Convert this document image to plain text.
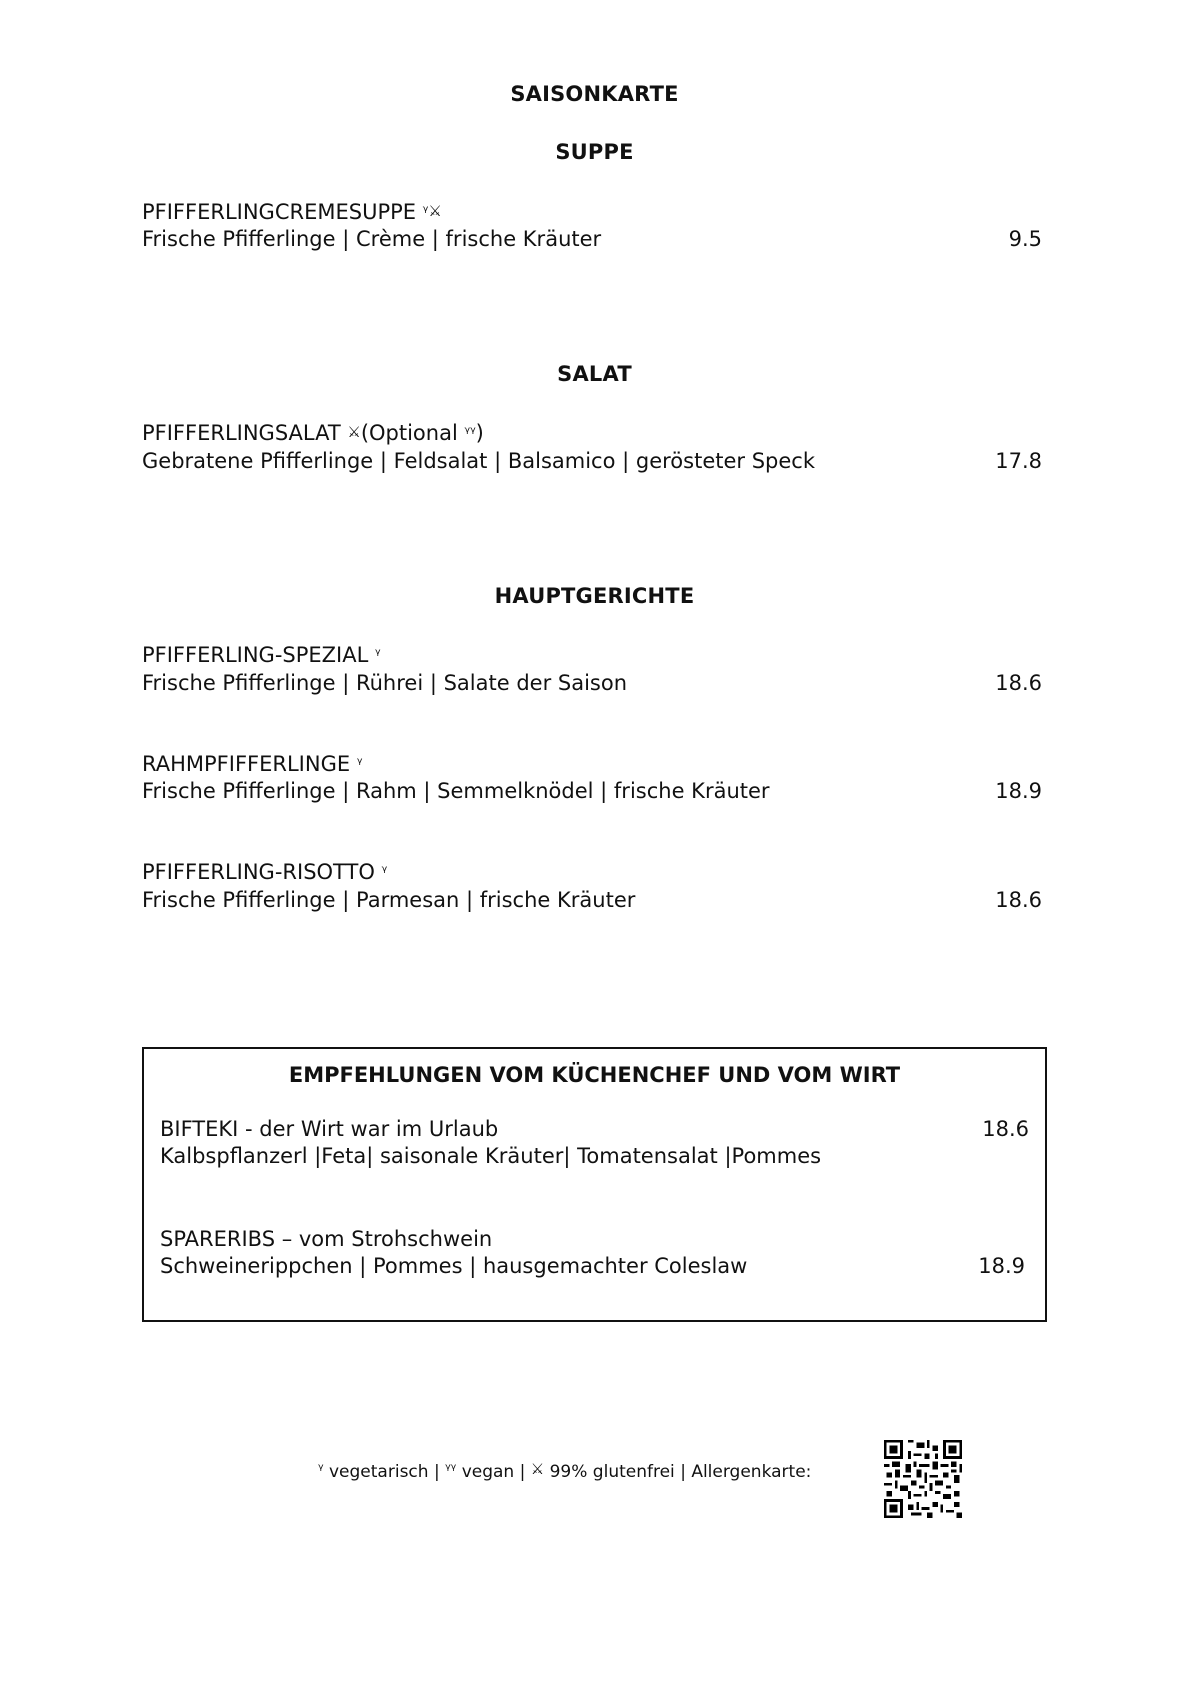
SAISONKARTE
SUPPE
PFIFFERLINGCREMESUPPE ᵞ⚔
Frische Pfifferlinge | Crème | frische Kräuter	9.5
SALAT
PFIFFERLINGSALAT ⚔(Optional ᵞᵞ)
Gebratene Pfifferlinge | Feldsalat | Balsamico | gerösteter Speck	17.8
HAUPTGERICHTE
PFIFFERLING-SPEZIAL ᵞ
Frische Pfifferlinge | Rührei | Salate der Saison	18.6
RAHMPFIFFERLINGE ᵞ
Frische Pfifferlinge | Rahm | Semmelknödel | frische Kräuter	18.9
PFIFFERLING-RISOTTO ᵞ
Frische Pfifferlinge | Parmesan | frische Kräuter	18.6
EMPFEHLUNGEN VOM KÜCHENCHEF UND VOM WIRT
BIFTEKI - der Wirt war im Urlaub	18.6
Kalbspflanzerl |Feta| saisonale Kräuter| Tomatensalat |Pommes
SPARERIBS – vom Strohschwein
Schweinerippchen | Pommes | hausgemachter Coleslaw	18.9
ᵞ vegetarisch | ᵞᵞ vegan | ⚔ 99% glutenfrei | Allergenkarte:
